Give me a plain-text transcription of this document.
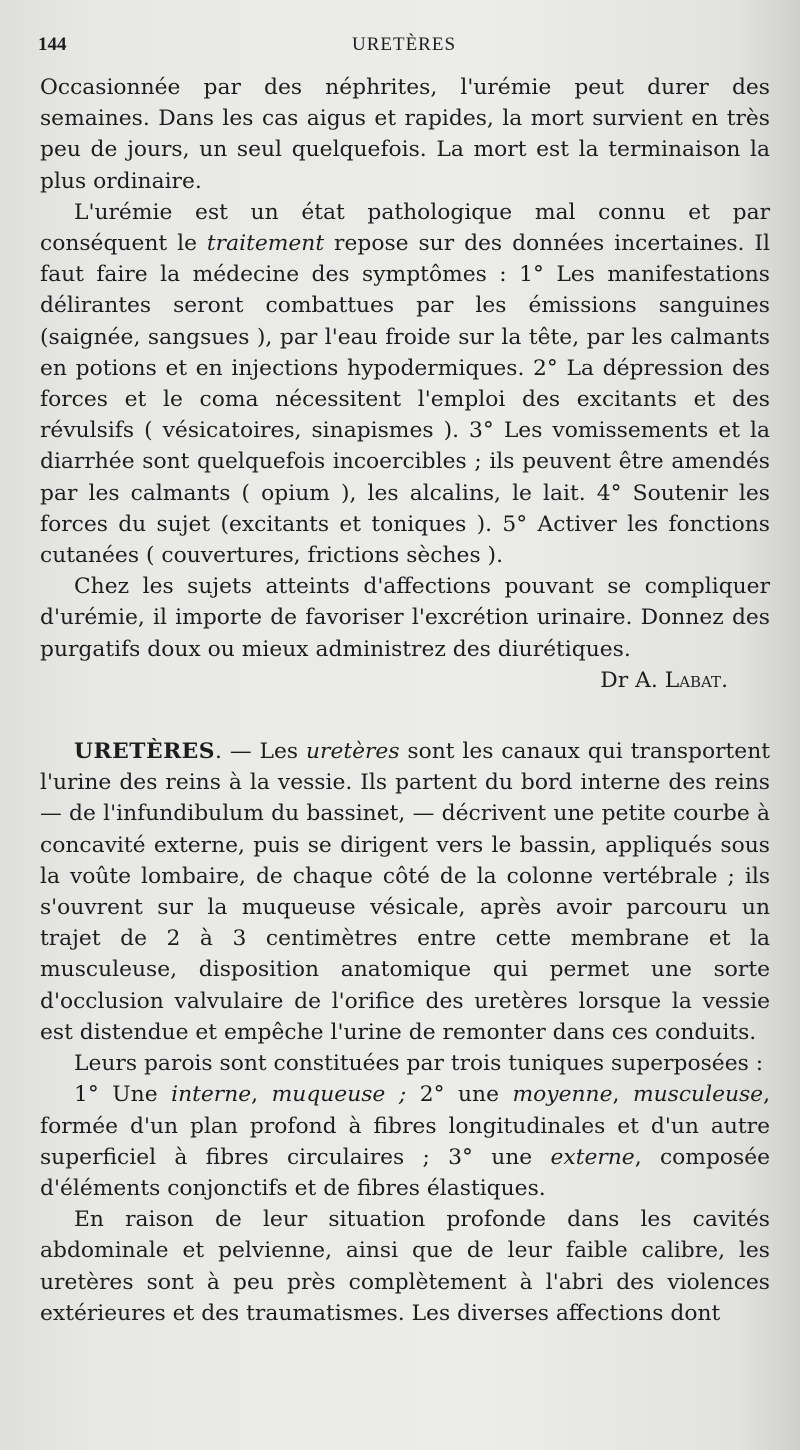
144	URETÈRES

Occasionnée par des néphrites, l'urémie peut durer des semaines. Dans les cas aigus et rapides, la mort survient en très peu de jours, un seul quelquefois. La mort est la terminaison la plus ordinaire.

L'urémie est un état pathologique mal connu et par conséquent le traitement repose sur des données incertaines. Il faut faire la médecine des symptômes : 1° Les manifestations délirantes seront combattues par les émissions sanguines (saignée, sangsues ), par l'eau froide sur la tête, par les calmants en potions et en injections hypodermiques. 2° La dépression des forces et le coma nécessitent l'emploi des excitants et des révulsifs ( vésicatoires, sinapismes ). 3° Les vomissements et la diarrhée sont quelquefois incoercibles ; ils peuvent être amendés par les calmants ( opium ), les alcalins, le lait. 4° Soutenir les forces du sujet (excitants et toniques ). 5° Activer les fonctions cutanées ( couvertures, frictions sèches ).

Chez les sujets atteints d'affections pouvant se compliquer d'urémie, il importe de favoriser l'excrétion urinaire. Donnez des purgatifs doux ou mieux administrez des diurétiques.

Dr A. Labat.

URETÈRES. — Les uretères sont les canaux qui transportent l'urine des reins à la vessie. Ils partent du bord interne des reins — de l'infundibulum du bassinet, — décrivent une petite courbe à concavité externe, puis se dirigent vers le bassin, appliqués sous la voûte lombaire, de chaque côté de la colonne vertébrale ; ils s'ouvrent sur la muqueuse vésicale, après avoir parcouru un trajet de 2 à 3 centimètres entre cette membrane et la musculeuse, disposition anatomique qui permet une sorte d'occlusion valvulaire de l'orifice des uretères lorsque la vessie est distendue et empêche l'urine de remonter dans ces conduits.

Leurs parois sont constituées par trois tuniques superposées :

1° Une interne, muqueuse ; 2° une moyenne, musculeuse, formée d'un plan profond à fibres longitudinales et d'un autre superficiel à fibres circulaires ; 3° une externe, composée d'éléments conjonctifs et de fibres élastiques.

En raison de leur situation profonde dans les cavités abdominale et pelvienne, ainsi que de leur faible calibre, les uretères sont à peu près complètement à l'abri des violences extérieures et des traumatismes. Les diverses affections dont
